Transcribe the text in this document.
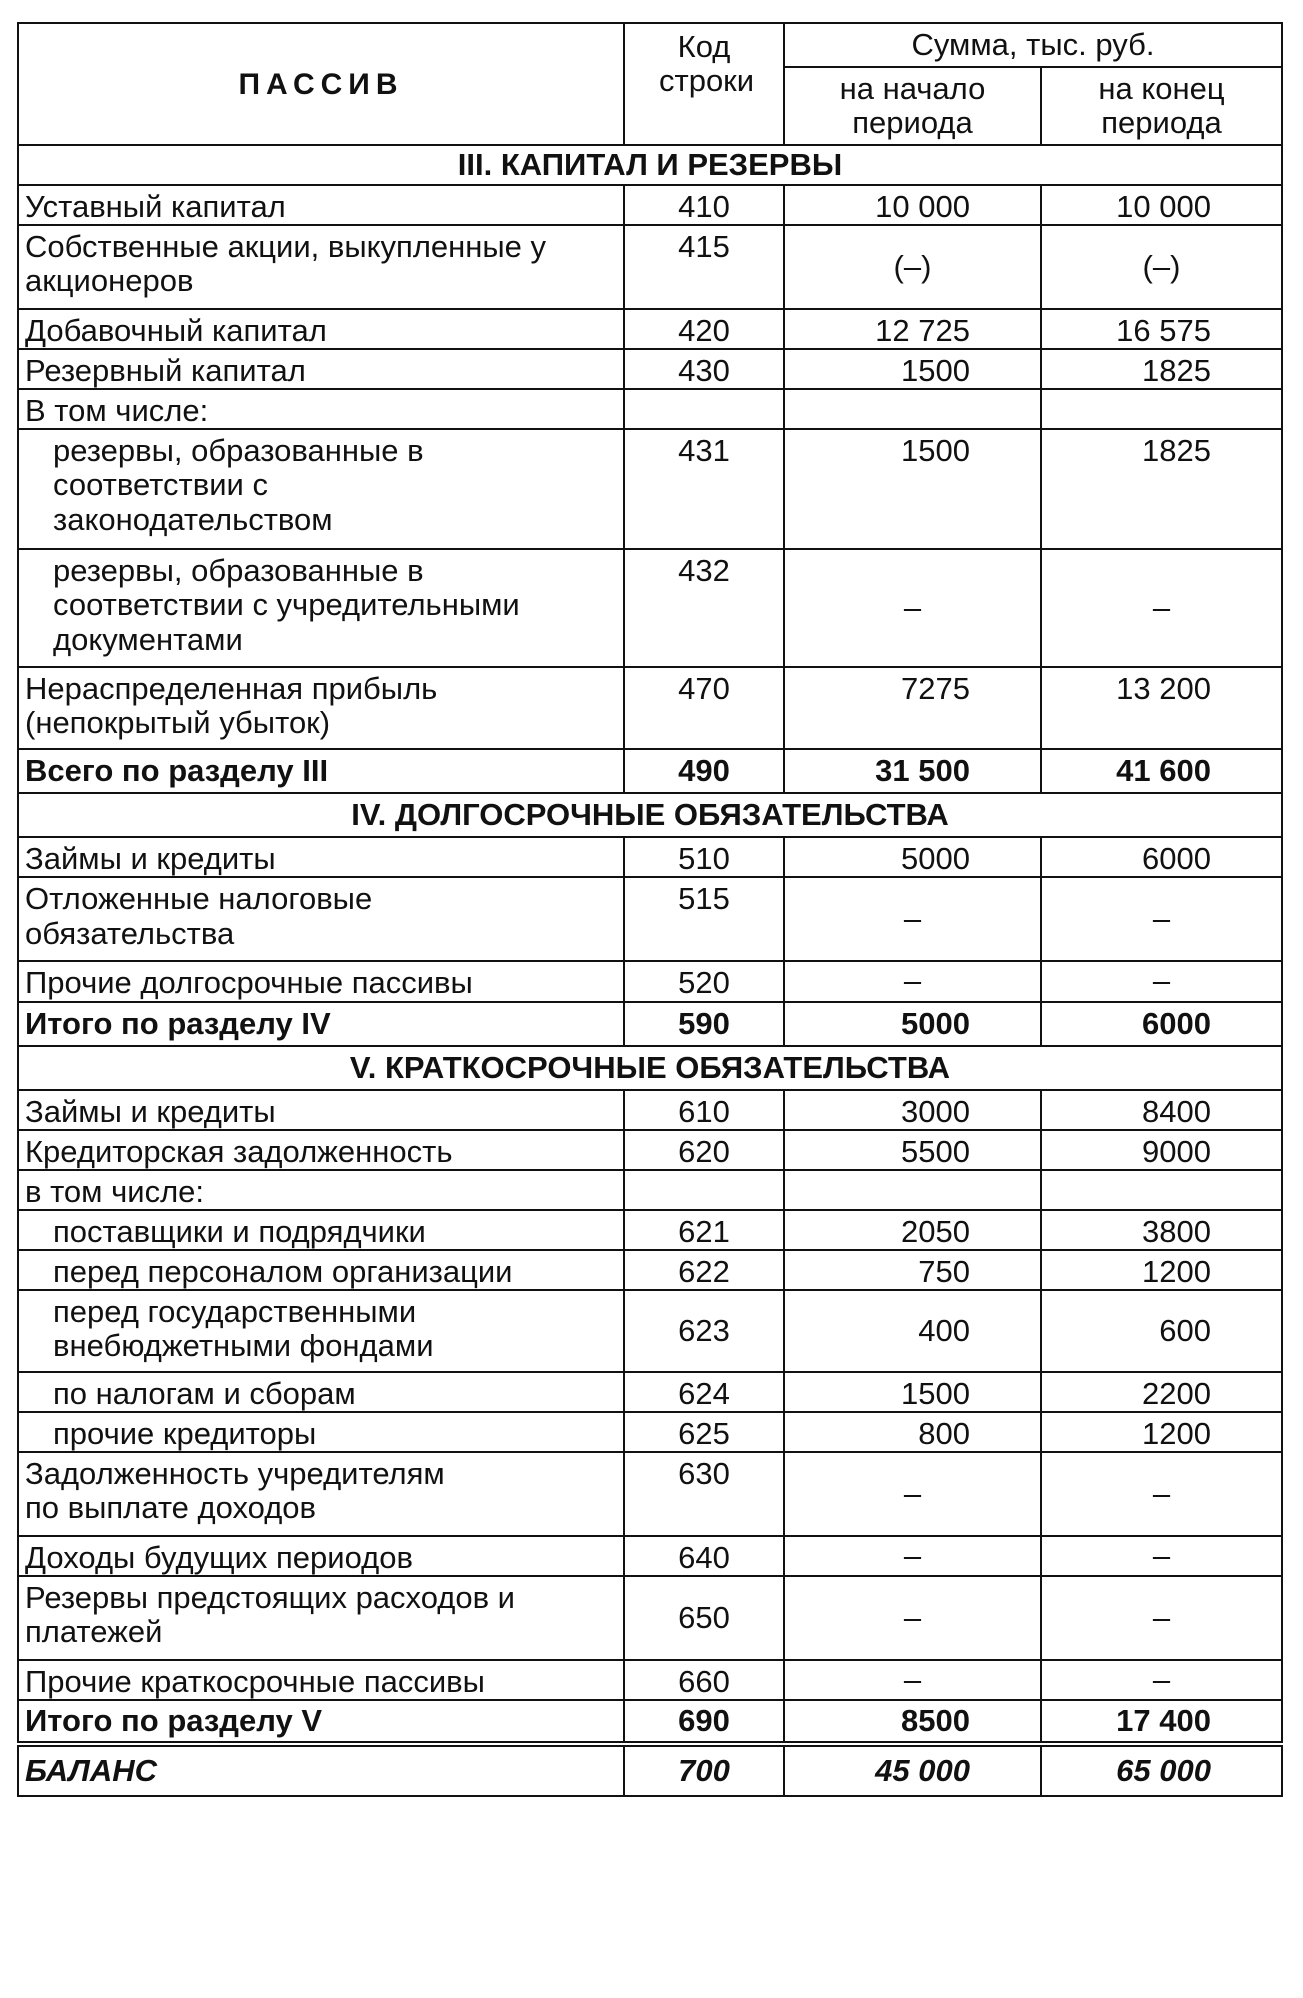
ПАССИВ	Код строки	Сумма, тыс. руб.	

		на начало периода	на конец периода

III. КАПИТАЛ И РЕЗЕРВЫ			
Уставный капитал	410	10 000	10 000

Собственные акции, выкупленные у акционеров	415	(–)	(–)
Добавочный капитал	420	12 725	16 575
Резервный капитал	430	1500	1825
В том числе:			

резервы, образованные в соответствии с законодательством	431	1500	1825

резервы, образованные в соответствии с учредительными документами	432	–	–

Нераспределенная прибыль (непокрытый убыток)	470	7275	13 200
Всего по разделу III	490	31 500	41 600
IV. ДОЛГОСРОЧНЫЕ ОБЯЗАТЕЛЬСТВА			
Займы и кредиты	510	5000	6000

Отложенные налоговые обязательства	515	–	–
Прочие долгосрочные пассивы	520	–	–
Итого по разделу IV	590	5000	6000
V. КРАТКОСРОЧНЫЕ ОБЯЗАТЕЛЬСТВА			
Займы и кредиты	610	3000	8400
Кредиторская задолженность	620	5500	9000
в том числе:			
поставщики и подрядчики	621	2050	3800
перед персоналом организации	622	750	1200

перед государственными внебюджетными фондами	623	400	600
по налогам и сборам	624	1500	2200
прочие кредиторы	625	800	1200

Задолженность учредителям по выплате доходов	630	–	–
Доходы будущих периодов	640	–	–

Резервы предстоящих расходов и платежей	650	–	–
Прочие краткосрочные пассивы	660	–	–
Итого по разделу V	690	8500	17 400
БАЛАНС	700	45 000	65 000
